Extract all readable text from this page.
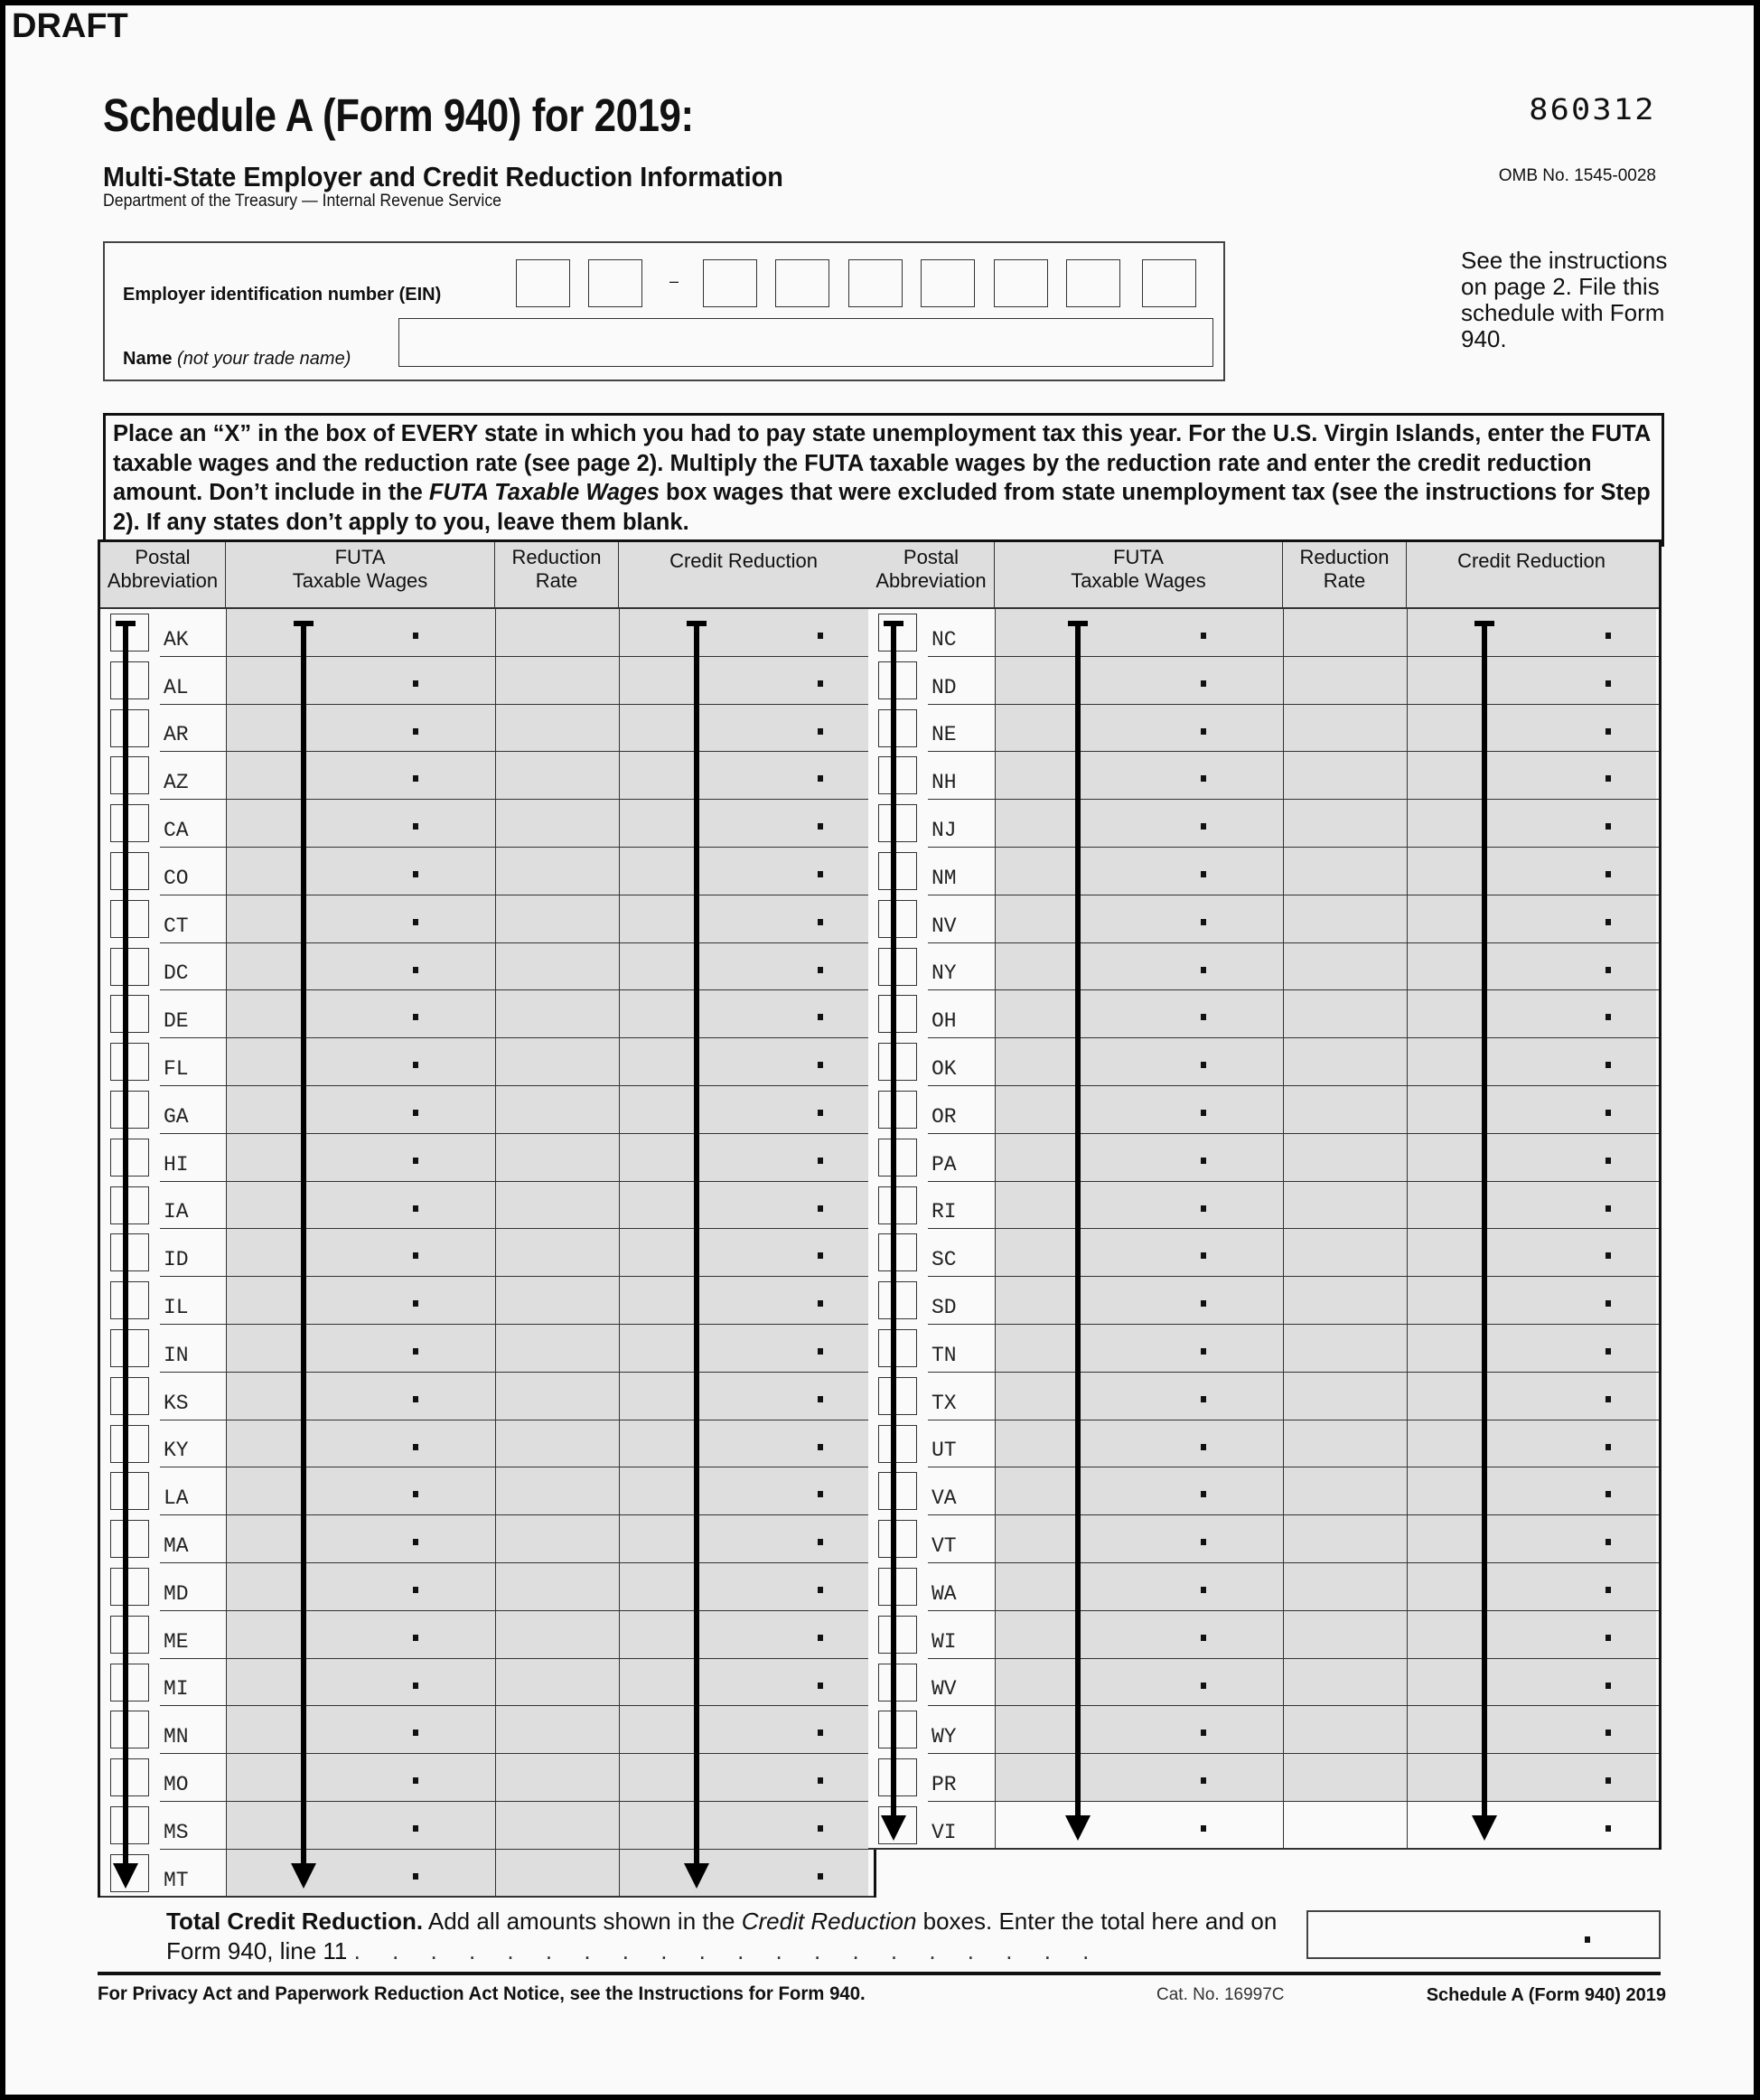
DRAFT
Schedule A (Form 940) for 2019:
Multi-State Employer and Credit Reduction Information
Department of the Treasury — Internal Revenue Service
860312
OMB No. 1545-0028
See the instructions on page 2. File this schedule with Form 940.
Employer identification number (EIN)
–
Name (not your trade name)
Place an “X” in the box of EVERY state in which you had to pay state unemployment tax this year. For the U.S. Virgin Islands, enter the FUTA taxable wages and the reduction rate (see page 2). Multiply the FUTA taxable wages by the reduction rate and enter the credit reduction amount. Don’t include in the FUTA Taxable Wages box wages that were excluded from state unemployment tax (see the instructions for Step 2). If any states don’t apply to you, leave them blank.
Postal
Abbreviation
FUTA
Taxable Wages
Reduction
Rate
Credit Reduction
AK
AL
AR
AZ
CA
CO
CT
DC
DE
FL
GA
HI
IA
ID
IL
IN
KS
KY
LA
MA
MD
ME
MI
MN
MO
MS
MT
Postal
Abbreviation
FUTA
Taxable Wages
Reduction
Rate
Credit Reduction
NC
ND
NE
NH
NJ
NM
NV
NY
OH
OK
OR
PA
RI
SC
SD
TN
TX
UT
VA
VT
WA
WI
WV
WY
PR
VI
Total Credit Reduction. Add all amounts shown in the Credit Reduction boxes. Enter the total here and on Form 940, line 11 . . . . . . . . . . . . . . . . . . . .
For Privacy Act and Paperwork Reduction Act Notice, see the Instructions for Form 940.	Cat. No. 16997C	Schedule A (Form 940) 2019
